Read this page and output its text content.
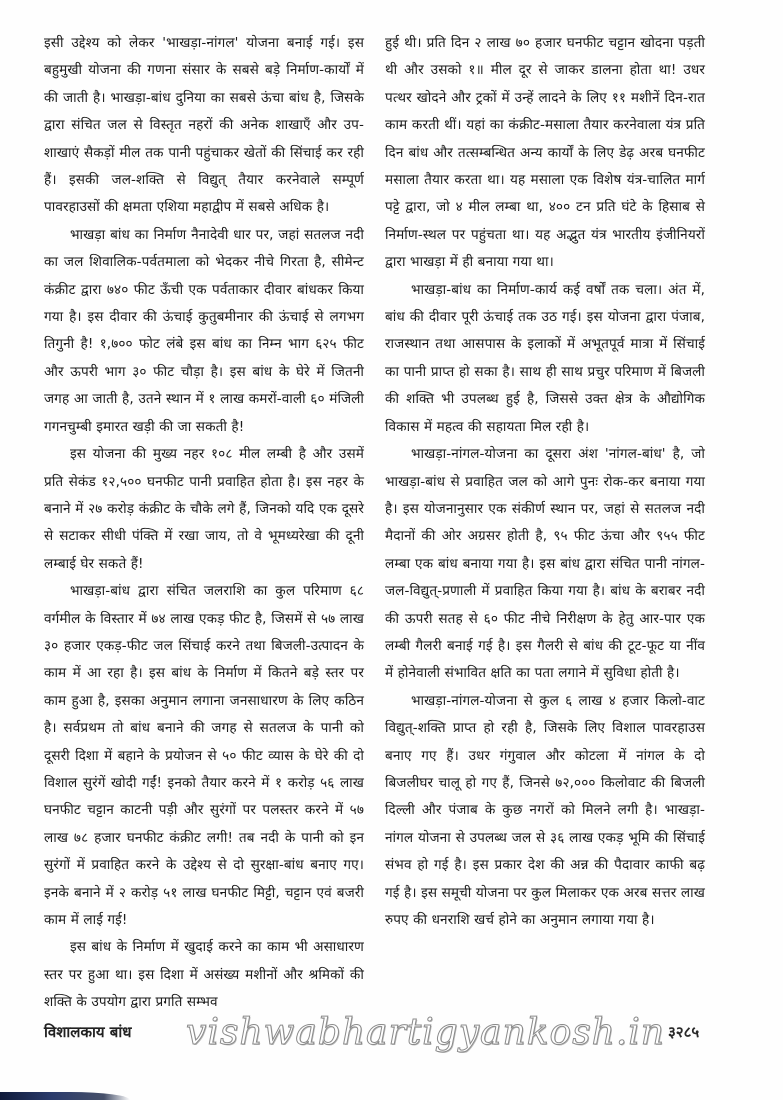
इसी उद्देश्य को लेकर 'भाखड़ा-नांगल' योजना बनाई गई। इस बहुमुखी योजना की गणना संसार के सबसे बड़े निर्माण-कार्यों में की जाती है। भाखड़ा-बांध दुनिया का सबसे ऊंचा बांध है, जिसके द्वारा संचित जल से विस्तृत नहरों की अनेक शाखाएँ और उप-शाखाएं सैकड़ों मील तक पानी पहुंचाकर खेतों की सिंचाई कर रही हैं। इसकी जल-शक्ति से विद्युत् तैयार करनेवाले सम्पूर्ण पावरहाउसों की क्षमता एशिया महाद्वीप में सबसे अधिक है।

भाखड़ा बांध का निर्माण नैनादेवी धार पर, जहां सतलज नदी का जल शिवालिक-पर्वतमाला को भेदकर नीचे गिरता है, सीमेन्ट कंक्रीट द्वारा ७४० फीट ऊँची एक पर्वताकार दीवार बांधकर किया गया है। इस दीवार की ऊंचाई कुतुबमीनार की ऊंचाई से लगभग तिगुनी है! १,७०० फोट लंबे इस बांध का निम्न भाग ६२५ फीट और ऊपरी भाग ३० फीट चौड़ा है। इस बांध के घेरे में जितनी जगह आ जाती है, उतने स्थान में १ लाख कमरों-वाली ६० मंजिली गगनचुम्बी इमारत खड़ी की जा सकती है!

इस योजना की मुख्य नहर १०८ मील लम्बी है और उसमें प्रति सेकंड १२,५०० घनफीट पानी प्रवाहित होता है। इस नहर के बनाने में २७ करोड़ कंक्रीट के चौके लगे हैं, जिनको यदि एक दूसरे से सटाकर सीधी पंक्ति में रखा जाय, तो वे भूमध्यरेखा की दूनी लम्बाई घेर सकते हैं!

भाखड़ा-बांध द्वारा संचित जलराशि का कुल परिमाण ६८ वर्गमील के विस्तार में ७४ लाख एकड़ फीट है, जिसमें से ५७ लाख ३० हजार एकड़-फीट जल सिंचाई करने तथा बिजली-उत्पादन के काम में आ रहा है। इस बांध के निर्माण में कितने बड़े स्तर पर काम हुआ है, इसका अनुमान लगाना जनसाधारण के लिए कठिन है। सर्वप्रथम तो बांध बनाने की जगह से सतलज के पानी को दूसरी दिशा में बहाने के प्रयोजन से ५० फीट व्यास के घेरे की दो विशाल सुरंगें खोदी गईं! इनको तैयार करने में १ करोड़ ५६ लाख घनफीट चट्टान काटनी पड़ी और सुरंगों पर पलस्तर करने में ५७ लाख ७८ हजार घनफीट कंक्रीट लगी! तब नदी के पानी को इन सुरंगों में प्रवाहित करने के उद्देश्य से दो सुरक्षा-बांध बनाए गए। इनके बनाने में २ करोड़ ५१ लाख घनफीट मिट्टी, चट्टान एवं बजरी काम में लाई गई!

इस बांध के निर्माण में खुदाई करने का काम भी असाधारण स्तर पर हुआ था। इस दिशा में असंख्य मशीनों और श्रमिकों की शक्ति के उपयोग द्वारा प्रगति सम्भव

हुई थी। प्रति दिन २ लाख ७० हजार घनफीट चट्टान खोदना पड़ती थी और उसको १॥ मील दूर से जाकर डालना होता था! उधर पत्थर खोदने और ट्रकों में उन्हें लादने के लिए ११ मशीनें दिन-रात काम करती थीं। यहां का कंक्रीट-मसाला तैयार करनेवाला यंत्र प्रति दिन बांध और तत्सम्बन्धित अन्य कार्यों के लिए डेढ़ अरब घनफीट मसाला तैयार करता था। यह मसाला एक विशेष यंत्र-चालित मार्ग पट्टे द्वारा, जो ४ मील लम्बा था, ४०० टन प्रति घंटे के हिसाब से निर्माण-स्थल पर पहुंचता था। यह अद्भुत यंत्र भारतीय इंजीनियरों द्वारा भाखड़ा में ही बनाया गया था।

भाखड़ा-बांध का निर्माण-कार्य कई वर्षों तक चला। अंत में, बांध की दीवार पूरी ऊंचाई तक उठ गई। इस योजना द्वारा पंजाब, राजस्थान तथा आसपास के इलाकों में अभूतपूर्व मात्रा में सिंचाई का पानी प्राप्त हो सका है। साथ ही साथ प्रचुर परिमाण में बिजली की शक्ति भी उपलब्ध हुई है, जिससे उक्त क्षेत्र के औद्योगिक विकास में महत्व की सहायता मिल रही है।

भाखड़ा-नांगल-योजना का दूसरा अंश 'नांगल-बांध' है, जो भाखड़ा-बांध से प्रवाहित जल को आगे पुनः रोक-कर बनाया गया है। इस योजनानुसार एक संकीर्ण स्थान पर, जहां से सतलज नदी मैदानों की ओर अग्रसर होती है, ९५ फीट ऊंचा और ९५५ फीट लम्बा एक बांध बनाया गया है। इस बांध द्वारा संचित पानी नांगल-जल-विद्युत्-प्रणाली में प्रवाहित किया गया है। बांध के बराबर नदी की ऊपरी सतह से ६० फीट नीचे निरीक्षण के हेतु आर-पार एक लम्बी गैलरी बनाई गई है। इस गैलरी से बांध की टूट-फूट या नींव में होनेवाली संभावित क्षति का पता लगाने में सुविधा होती है।

भाखड़ा-नांगल-योजना से कुल ६ लाख ४ हजार किलो-वाट विद्युत्-शक्ति प्राप्त हो रही है, जिसके लिए विशाल पावरहाउस बनाए गए हैं। उधर गंगुवाल और कोटला में नांगल के दो बिजलीघर चालू हो गए हैं, जिनसे ७२,००० किलोवाट की बिजली दिल्ली और पंजाब के कुछ नगरों को मिलने लगी है। भाखड़ा-नांगल योजना से उपलब्ध जल से ३६ लाख एकड़ भूमि की सिंचाई संभव हो गई है। इस प्रकार देश की अन्न की पैदावार काफी बढ़ गई है। इस समूची योजना पर कुल मिलाकर एक अरब सत्तर लाख रुपए की धनराशि खर्च होने का अनुमान लगाया गया है।

विशालकाय बांध vishwabhartigyankosh.in ३२८५
